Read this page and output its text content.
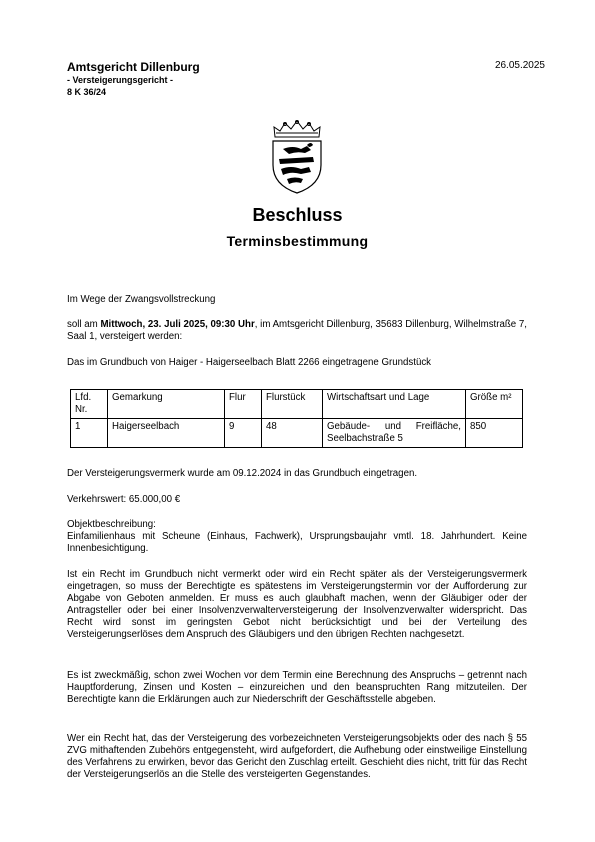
Amtsgericht Dillenburg
- Versteigerungsgericht -
8 K 36/24
26.05.2025
Beschluss
Terminsbestimmung
Im Wege der Zwangsvollstreckung
soll am Mittwoch, 23. Juli 2025, 09:30 Uhr, im Amtsgericht Dillenburg, 35683 Dillenburg, Wilhelmstraße 7, Saal 1, versteigert werden:
Das im Grundbuch von Haiger - Haigerseelbach Blatt 2266 eingetragene Grundstück
Lfd. Nr.	Gemarkung	Flur	Flurstück	Wirtschaftsart und Lage	Größe m²
1	Haigerseelbach	9	48	Gebäude- und Freifläche, Seelbachstraße 5	850
Der Versteigerungsvermerk wurde am 09.12.2024 in das Grundbuch eingetragen.
Verkehrswert: 65.000,00 €
Objektbeschreibung:
Einfamilienhaus mit Scheune (Einhaus, Fachwerk), Ursprungsbaujahr vmtl. 18. Jahrhundert. Keine Innenbesichtigung.
Ist ein Recht im Grundbuch nicht vermerkt oder wird ein Recht später als der Versteigerungsvermerk eingetragen, so muss der Berechtigte es spätestens im Versteigerungstermin vor der Aufforderung zur Abgabe von Geboten anmelden. Er muss es auch glaubhaft machen, wenn der Gläubiger oder der Antragsteller oder bei einer Insolvenzverwalterversteigerung der Insolvenzverwalter widerspricht. Das Recht wird sonst im geringsten Gebot nicht berücksichtigt und bei der Verteilung des Versteigerungserlöses dem Anspruch des Gläubigers und den übrigen Rechten nachgesetzt.
Es ist zweckmäßig, schon zwei Wochen vor dem Termin eine Berechnung des Anspruchs – getrennt nach Hauptforderung, Zinsen und Kosten – einzureichen und den beanspruchten Rang mitzuteilen. Der Berechtigte kann die Erklärungen auch zur Niederschrift der Geschäftsstelle abgeben.
Wer ein Recht hat, das der Versteigerung des vorbezeichneten Versteigerungsobjekts oder des nach § 55 ZVG mithaftenden Zubehörs entgegensteht, wird aufgefordert, die Aufhebung oder einstweilige Einstellung des Verfahrens zu erwirken, bevor das Gericht den Zuschlag erteilt. Geschieht dies nicht, tritt für das Recht der Versteigerungserlös an die Stelle des versteigerten Gegenstandes.
